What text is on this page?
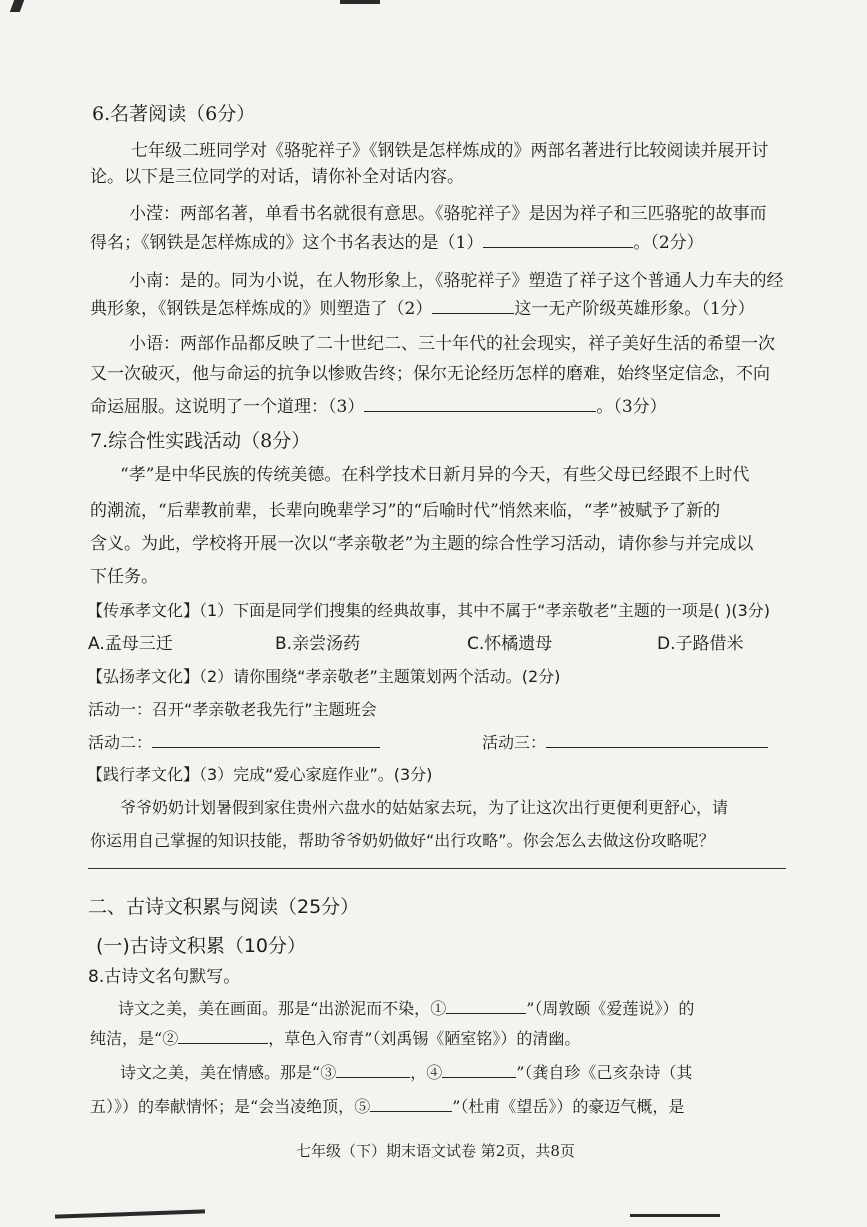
6.名著阅读（6分）
七年级二班同学对《骆驼祥子》《钢铁是怎样炼成的》两部名著进行比较阅读并展开讨
论。以下是三位同学的对话，请你补全对话内容。
小滢：两部名著，单看书名就很有意思。《骆驼祥子》是因为祥子和三匹骆驼的故事而
得名；《钢铁是怎样炼成的》这个书名表达的是（1）	。（2分）
小南：是的。同为小说，在人物形象上，《骆驼祥子》塑造了祥子这个普通人力车夫的经
典形象，《钢铁是怎样炼成的》则塑造了（2）	这一无产阶级英雄形象。（1分）
小语：两部作品都反映了二十世纪二、三十年代的社会现实，祥子美好生活的希望一次
又一次破灭，他与命运的抗争以惨败告终；保尔无论经历怎样的磨难，始终坚定信念，不向
命运屈服。这说明了一个道理：（3）	。（3分）
7.综合性实践活动（8分）
“孝”是中华民族的传统美德。在科学技术日新月异的今天，有些父母已经跟不上时代
的潮流，“后辈教前辈，长辈向晚辈学习”的“后喻时代”悄然来临，“孝”被赋予了新的
含义。为此，学校将开展一次以“孝亲敬老”为主题的综合性学习活动，请你参与并完成以
下任务。
【传承孝文化】（1）下面是同学们搜集的经典故事，其中不属于“孝亲敬老”主题的一项是( )(3分)
A.孟母三迁	B.亲尝汤药	C.怀橘遗母	D.子路借米
【弘扬孝文化】（2）请你围绕“孝亲敬老”主题策划两个活动。(2分)
活动一：召开“孝亲敬老我先行”主题班会
活动二：	活动三：
【践行孝文化】（3）完成“爱心家庭作业”。(3分)
爷爷奶奶计划暑假到家住贵州六盘水的姑姑家去玩，为了让这次出行更便利更舒心，请
你运用自己掌握的知识技能，帮助爷爷奶奶做好“出行攻略”。你会怎么去做这份攻略呢？
二、古诗文积累与阅读（25分）
(一)古诗文积累（10分）
8.古诗文名句默写。
诗文之美，美在画面。那是“出淤泥而不染，①	”（周敦颐《爱莲说》）的
纯洁，是“②	，草色入帘青”（刘禹锡《陋室铭》）的清幽。
诗文之美，美在情感。那是“③	，④	”（龚自珍《己亥杂诗（其
五）》）的奉献情怀；是“会当凌绝顶，⑤	”（杜甫《望岳》）的豪迈气概，是
七年级（下）期末语文试卷 第2页，共8页
